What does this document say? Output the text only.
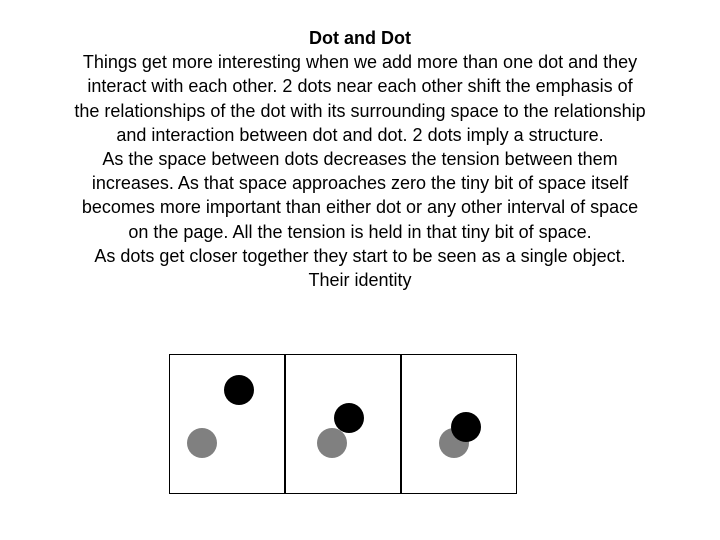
Dot and Dot
Things get more interesting when we add more than one dot and they
interact with each other. 2 dots near each other shift the emphasis of
the relationships of the dot with its surrounding space to the relationship
and interaction between dot and dot. 2 dots imply a structure.
As the space between dots decreases the tension between them
increases. As that space approaches zero the tiny bit of space itself
becomes more important than either dot or any other interval of space
on the page. All the tension is held in that tiny bit of space.
As dots get closer together they start to be seen as a single object.
Their identity
